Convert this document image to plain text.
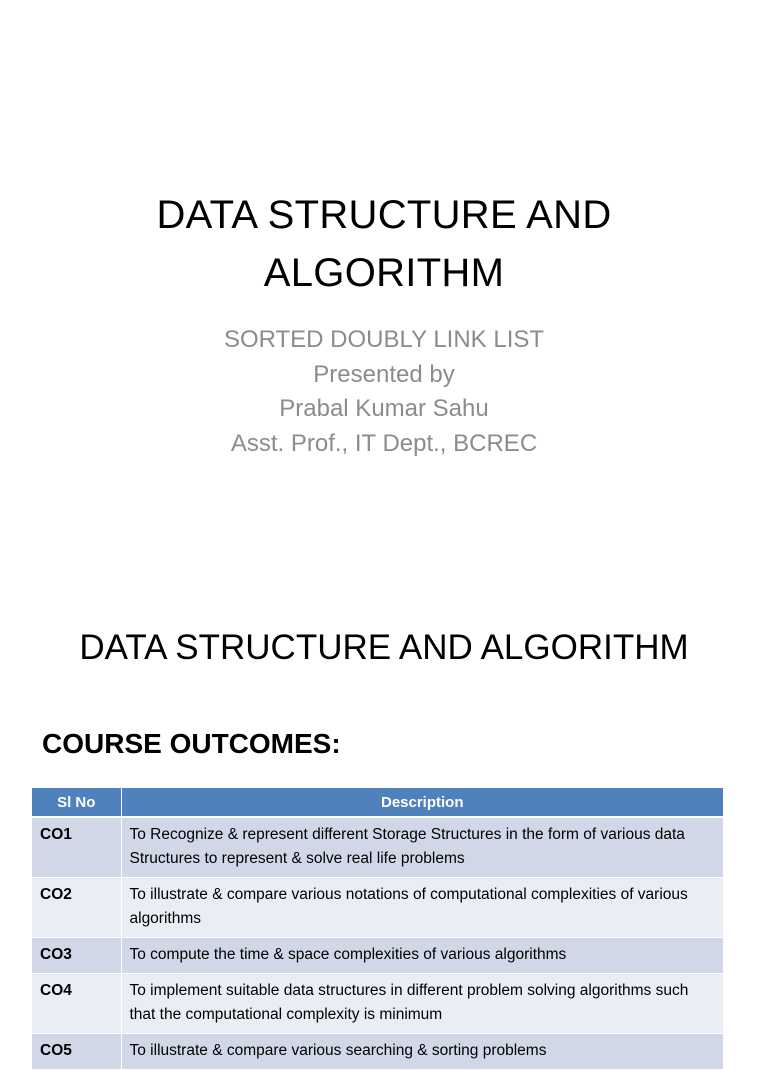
DATA STRUCTURE AND
ALGORITHM
SORTED DOUBLY LINK LIST
Presented by
Prabal Kumar Sahu
Asst. Prof., IT Dept., BCREC
DATA STRUCTURE AND ALGORITHM
COURSE OUTCOMES:
Sl No	Description
CO1	To Recognize & represent different Storage Structures in the form of various data Structures to represent & solve real life problems
CO2	To illustrate & compare various notations of computational complexities of various algorithms
CO3	To compute the time & space complexities of various algorithms
CO4	To implement suitable data structures in different problem solving algorithms such that the computational complexity is minimum
CO5	To illustrate & compare various searching & sorting problems
